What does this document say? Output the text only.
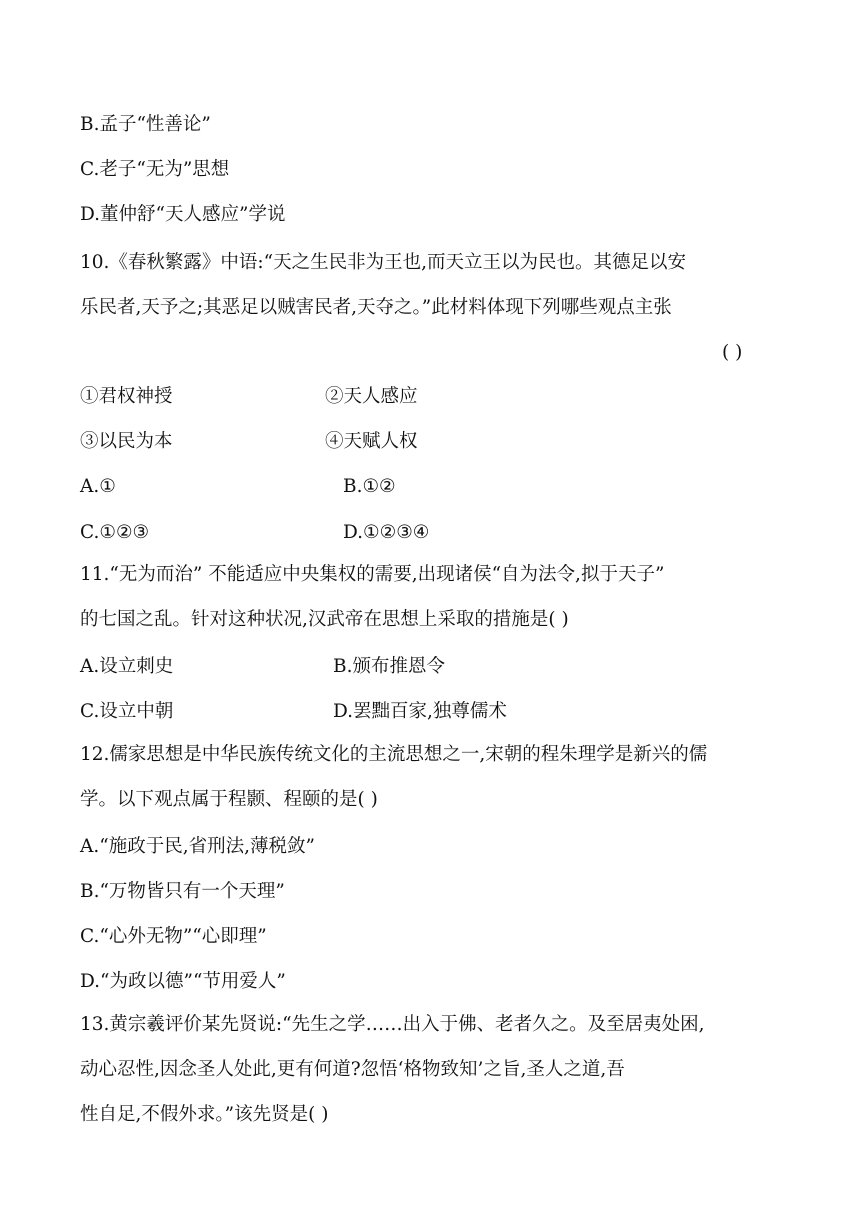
B.孟子“性善论”
C.老子“无为”思想
D.董仲舒“天人感应”学说
10.《春秋繁露》中语:“天之生民非为王也,而天立王以为民也。其德足以安
乐民者,天予之;其恶足以贼害民者,天夺之。”此材料体现下列哪些观点主张
( )
①君权神授	②天人感应
③以民为本	④天赋人权
A.①	B.①②
C.①②③	D.①②③④
11.“无为而治” 不能适应中央集权的需要,出现诸侯“自为法令,拟于天子”
的七国之乱。针对这种状况,汉武帝在思想上采取的措施是( )
A.设立刺史	B.颁布推恩令
C.设立中朝	D.罢黜百家,独尊儒术
12.儒家思想是中华民族传统文化的主流思想之一,宋朝的程朱理学是新兴的儒
学。以下观点属于程颢、程颐的是( )
A.“施政于民,省刑法,薄税敛”
B.“万物皆只有一个天理”
C.“心外无物”“心即理”
D.“为政以德”“节用爱人”
13.黄宗羲评价某先贤说:“先生之学……出入于佛、老者久之。及至居夷处困,
动心忍性,因念圣人处此,更有何道?忽悟‘格物致知’之旨,圣人之道,吾
性自足,不假外求。”该先贤是( )
